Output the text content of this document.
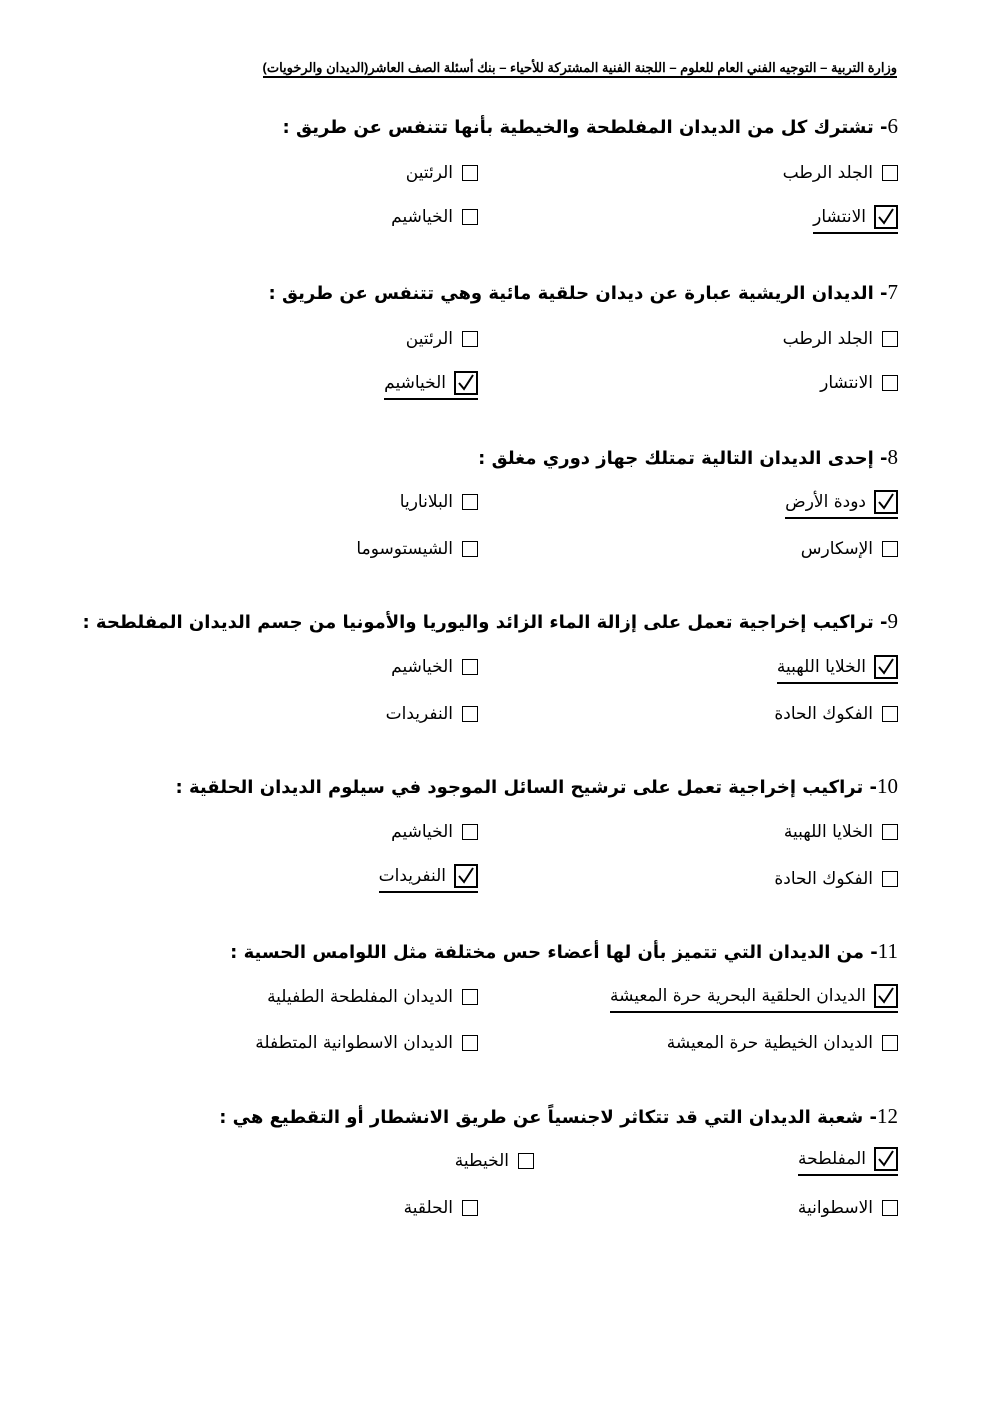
وزارة التربية – التوجيه الفني العام للعلوم – اللجنة الفنية المشتركة للأحياء – بنك أسئلة الصف العاشر(الديدان والرخويات)
6- تشترك كل من الديدان المفلطحة والخيطية بأنها تتنفس عن طريق :
الجلد الرطب
الرئتين
الانتشار
الخياشيم
7- الديدان الريشية عبارة عن ديدان حلقية مائية وهي تتنفس عن طريق :
الجلد الرطب
الرئتين
الانتشار
الخياشيم
8- إحدى الديدان التالية تمتلك جهاز دوري مغلق :
دودة الأرض
البلاناريا
الإسكارس
الشيستوسوما
9- تراكيب إخراجية تعمل على إزالة الماء الزائد واليوريا والأمونيا من جسم الديدان المفلطحة :
الخلايا اللهبية
الخياشيم
الفكوك الحادة
النفريدات
10- تراكيب إخراجية تعمل على ترشيح السائل الموجود في سيلوم الديدان الحلقية :
الخلايا اللهبية
الخياشيم
الفكوك الحادة
النفريدات
11- من الديدان التي تتميز بأن لها أعضاء حس مختلفة مثل اللوامس الحسية :
الديدان الحلقية البحرية حرة المعيشة
الديدان المفلطحة الطفيلية
الديدان الخيطية حرة المعيشة
الديدان الاسطوانية المتطفلة
12- شعبة الديدان التي قد تتكاثر لاجنسياً عن طريق الانشطار أو التقطيع هي :
المفلطحة
الخيطية
الاسطوانية
الحلقية
